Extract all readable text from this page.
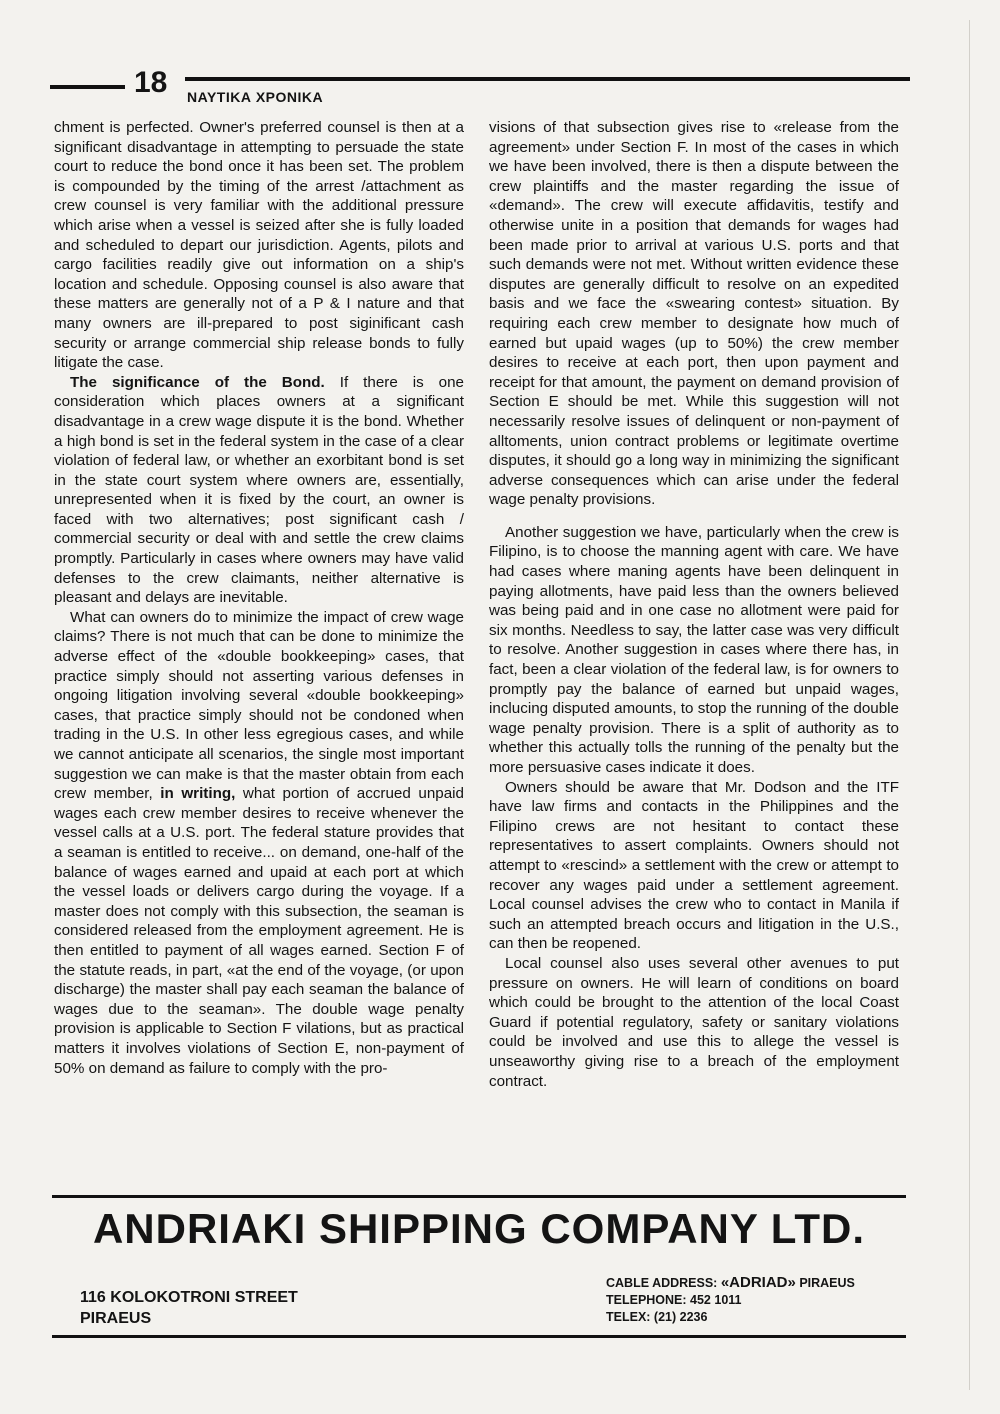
18 ΝΑΥΤΙΚΑ ΧΡΟΝΙΚΑ

chment is perfected. Owner's preferred counsel is then at a significant disadvantage in attempting to persuade the state court to reduce the bond once it has been set. The problem is compounded by the timing of the arrest /attachment as crew counsel is very familiar with the additional pressure which arise when a vessel is seized after she is fully loaded and scheduled to depart our jurisdiction. Agents, pilots and cargo facilities readily give out information on a ship's location and schedule. Opposing counsel is also aware that these matters are generally not of a P & I nature and that many owners are ill-prepared to post siginificant cash security or arrange commercial ship release bonds to fully litigate the case.

The significance of the Bond. If there is one consideration which places owners at a significant disadvantage in a crew wage dispute it is the bond. Whether a high bond is set in the federal system in the case of a clear violation of federal law, or whether an exorbitant bond is set in the state court system where owners are, essentially, unrepresented when it is fixed by the court, an owner is faced with two alternatives; post significant cash / commercial security or deal with and settle the crew claims promptly. Particularly in cases where owners may have valid defenses to the crew claimants, neither alternative is pleasant and delays are inevitable.

What can owners do to minimize the impact of crew wage claims? There is not much that can be done to minimize the adverse effect of the «double bookkeeping» cases, that practice simply should not asserting various defenses in ongoing litigation involving several «double bookkeeping» cases, that practice simply should not be condoned when trading in the U.S. In other less egregious cases, and while we cannot anticipate all scenarios, the single most important suggestion we can make is that the master obtain from each crew member, in writing, what portion of accrued unpaid wages each crew member desires to receive whenever the vessel calls at a U.S. port. The federal stature provides that a seaman is entitled to receive... on demand, one-half of the balance of wages earned and upaid at each port at which the vessel loads or delivers cargo during the voyage. If a master does not comply with this subsection, the seaman is considered released from the employment agreement. He is then entitled to payment of all wages earned. Section F of the statute reads, in part, «at the end of the voyage, (or upon discharge) the master shall pay each seaman the balance of wages due to the seaman». The double wage penalty provision is applicable to Section F vilations, but as practical matters it involves violations of Section E, non-payment of 50% on demand as failure to comply with the pro-

visions of that subsection gives rise to «release from the agreement» under Section F. In most of the cases in which we have been involved, there is then a dispute between the crew plaintiffs and the master regarding the issue of «demand». The crew will execute affidavitis, testify and otherwise unite in a position that demands for wages had been made prior to arrival at various U.S. ports and that such demands were not met. Without written evidence these disputes are generally difficult to resolve on an expedited basis and we face the «swearing contest» situation. By requiring each crew member to designate how much of earned but upaid wages (up to 50%) the crew member desires to receive at each port, then upon payment and receipt for that amount, the payment on demand provision of Section E should be met. While this suggestion will not necessarily resolve issues of delinquent or non-payment of alltoments, union contract problems or legitimate overtime disputes, it should go a long way in minimizing the significant adverse consequences which can arise under the federal wage penalty provisions.

Another suggestion we have, particularly when the crew is Filipino, is to choose the manning agent with care. We have had cases where maning agents have been delinquent in paying allotments, have paid less than the owners believed was being paid and in one case no allotment were paid for six months. Needless to say, the latter case was very difficult to resolve. Another suggestion in cases where there has, in fact, been a clear violation of the federal law, is for owners to promptly pay the balance of earned but unpaid wages, inclucing disputed amounts, to stop the running of the double wage penalty provision. There is a split of authority as to whether this actually tolls the running of the penalty but the more persuasive cases indicate it does.

Owners should be aware that Mr. Dodson and the ITF have law firms and contacts in the Philippines and the Filipino crews are not hesitant to contact these representatives to assert complaints. Owners should not attempt to «rescind» a settlement with the crew or attempt to recover any wages paid under a settlement agreement. Local counsel advises the crew who to contact in Manila if such an attempted breach occurs and litigation in the U.S., can then be reopened.

Local counsel also uses several other avenues to put pressure on owners. He will learn of conditions on board which could be brought to the attention of the local Coast Guard if potential regulatory, safety or sanitary violations could be involved and use this to allege the vessel is unseaworthy giving rise to a breach of the employment contract.

ANDRIAKI SHIPPING COMPANY LTD.
116 KOLOKOTRONI STREET
PIRAEUS
CABLE ADDRESS: «ADRIAD» PIRAEUS
TELEPHONE: 452 1011
TELEX: (21) 2236
